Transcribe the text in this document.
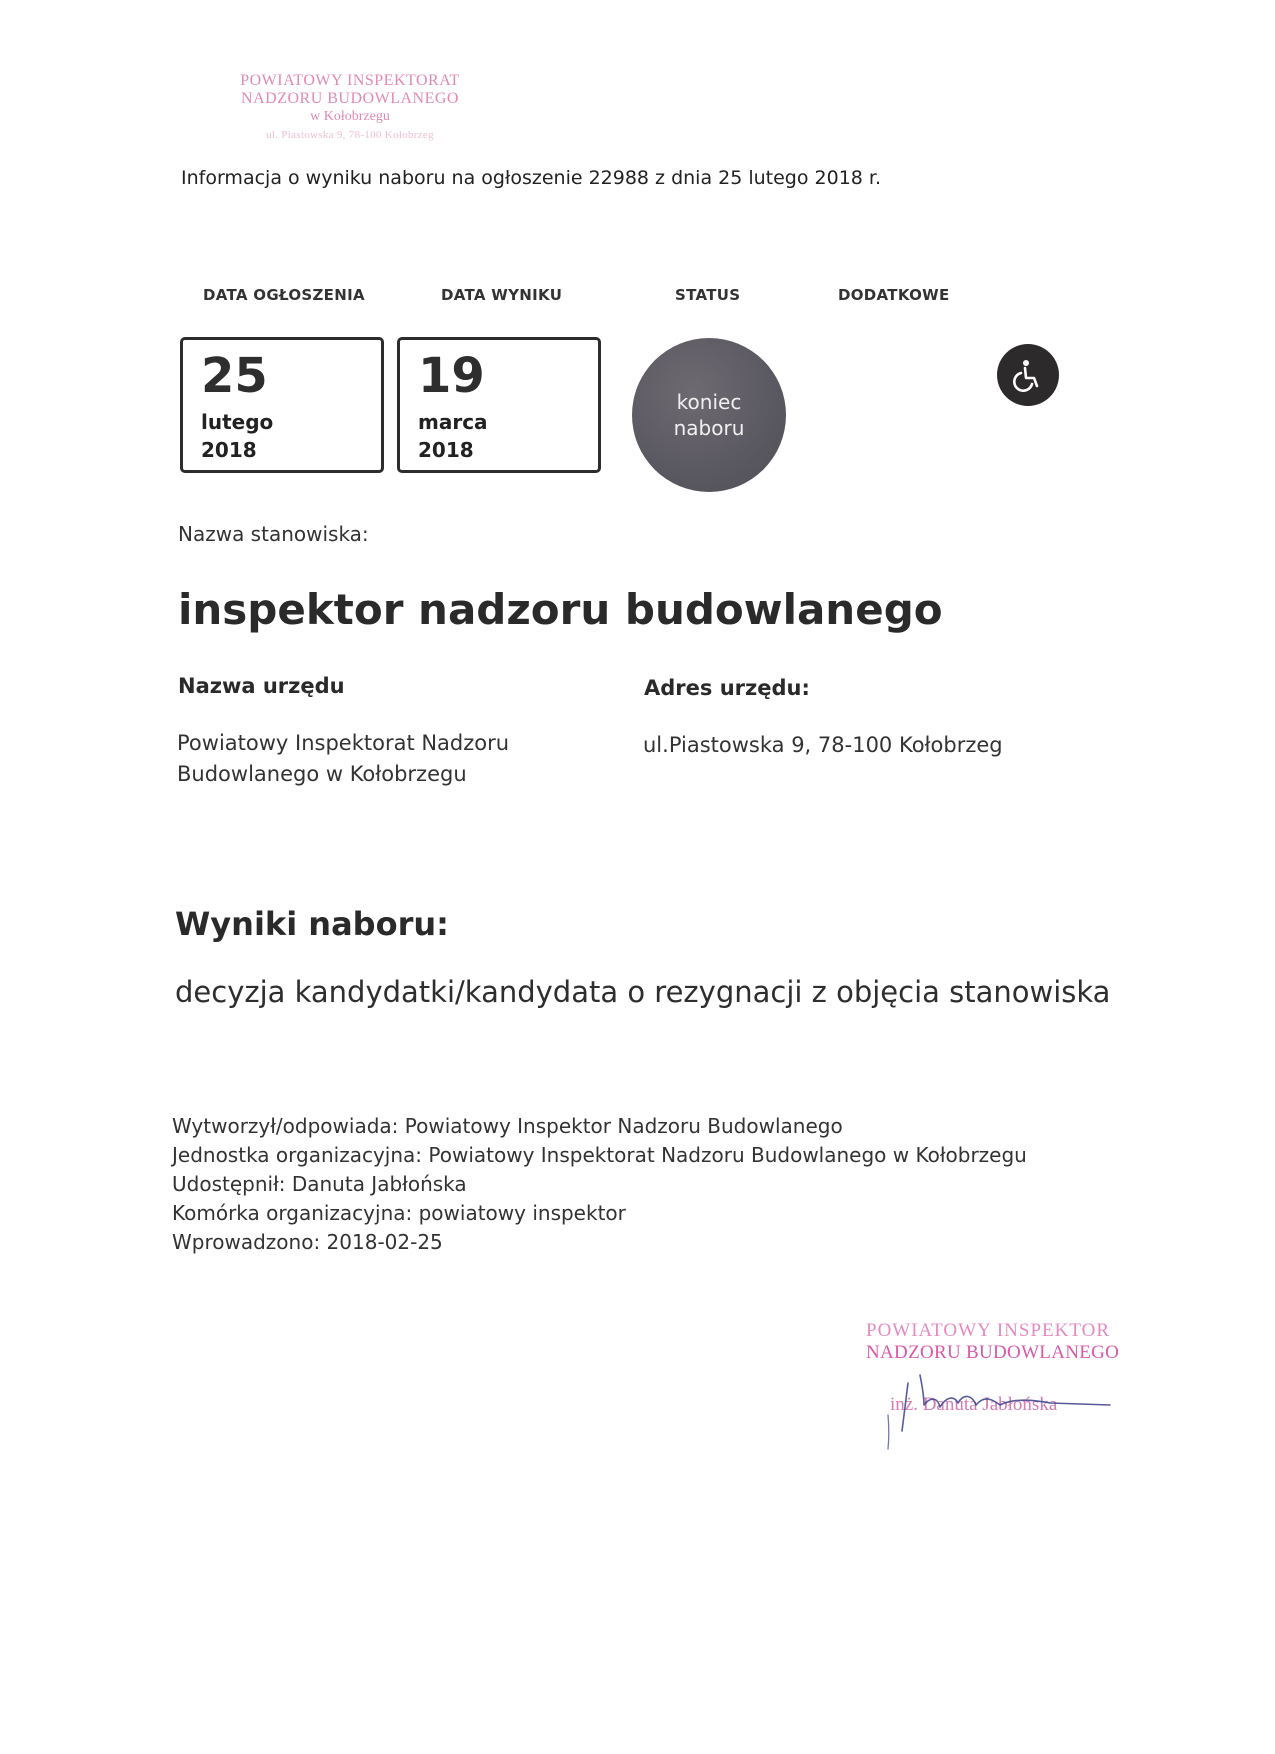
POWIATOWY INSPEKTORAT
NADZORU BUDOWLANEGO
w Kołobrzegu
ul. Piastowska 9, 78-100 Kołobrzeg
Informacja o wyniku naboru na ogłoszenie 22988 z dnia 25 lutego 2018 r.
DATA OGŁOSZENIA	DATA WYNIKU	STATUS	DODATKOWE
25
lutego
2018
19
marca
2018
koniec
naboru
Nazwa stanowiska:
inspektor nadzoru budowlanego
Nazwa urzędu
Powiatowy Inspektorat Nadzoru
Budowlanego w Kołobrzegu
Adres urzędu:
ul.Piastowska 9, 78-100 Kołobrzeg
Wyniki naboru:
decyzja kandydatki/kandydata o rezygnacji z objęcia stanowiska
Wytworzył/odpowiada: Powiatowy Inspektor Nadzoru Budowlanego
Jednostka organizacyjna: Powiatowy Inspektorat Nadzoru Budowlanego w Kołobrzegu
Udostępnił: Danuta Jabłońska
Komórka organizacyjna: powiatowy inspektor
Wprowadzono: 2018-02-25
POWIATOWY INSPEKTOR
NADZORU BUDOWLANEGO
inż. Danuta Jabłońska
